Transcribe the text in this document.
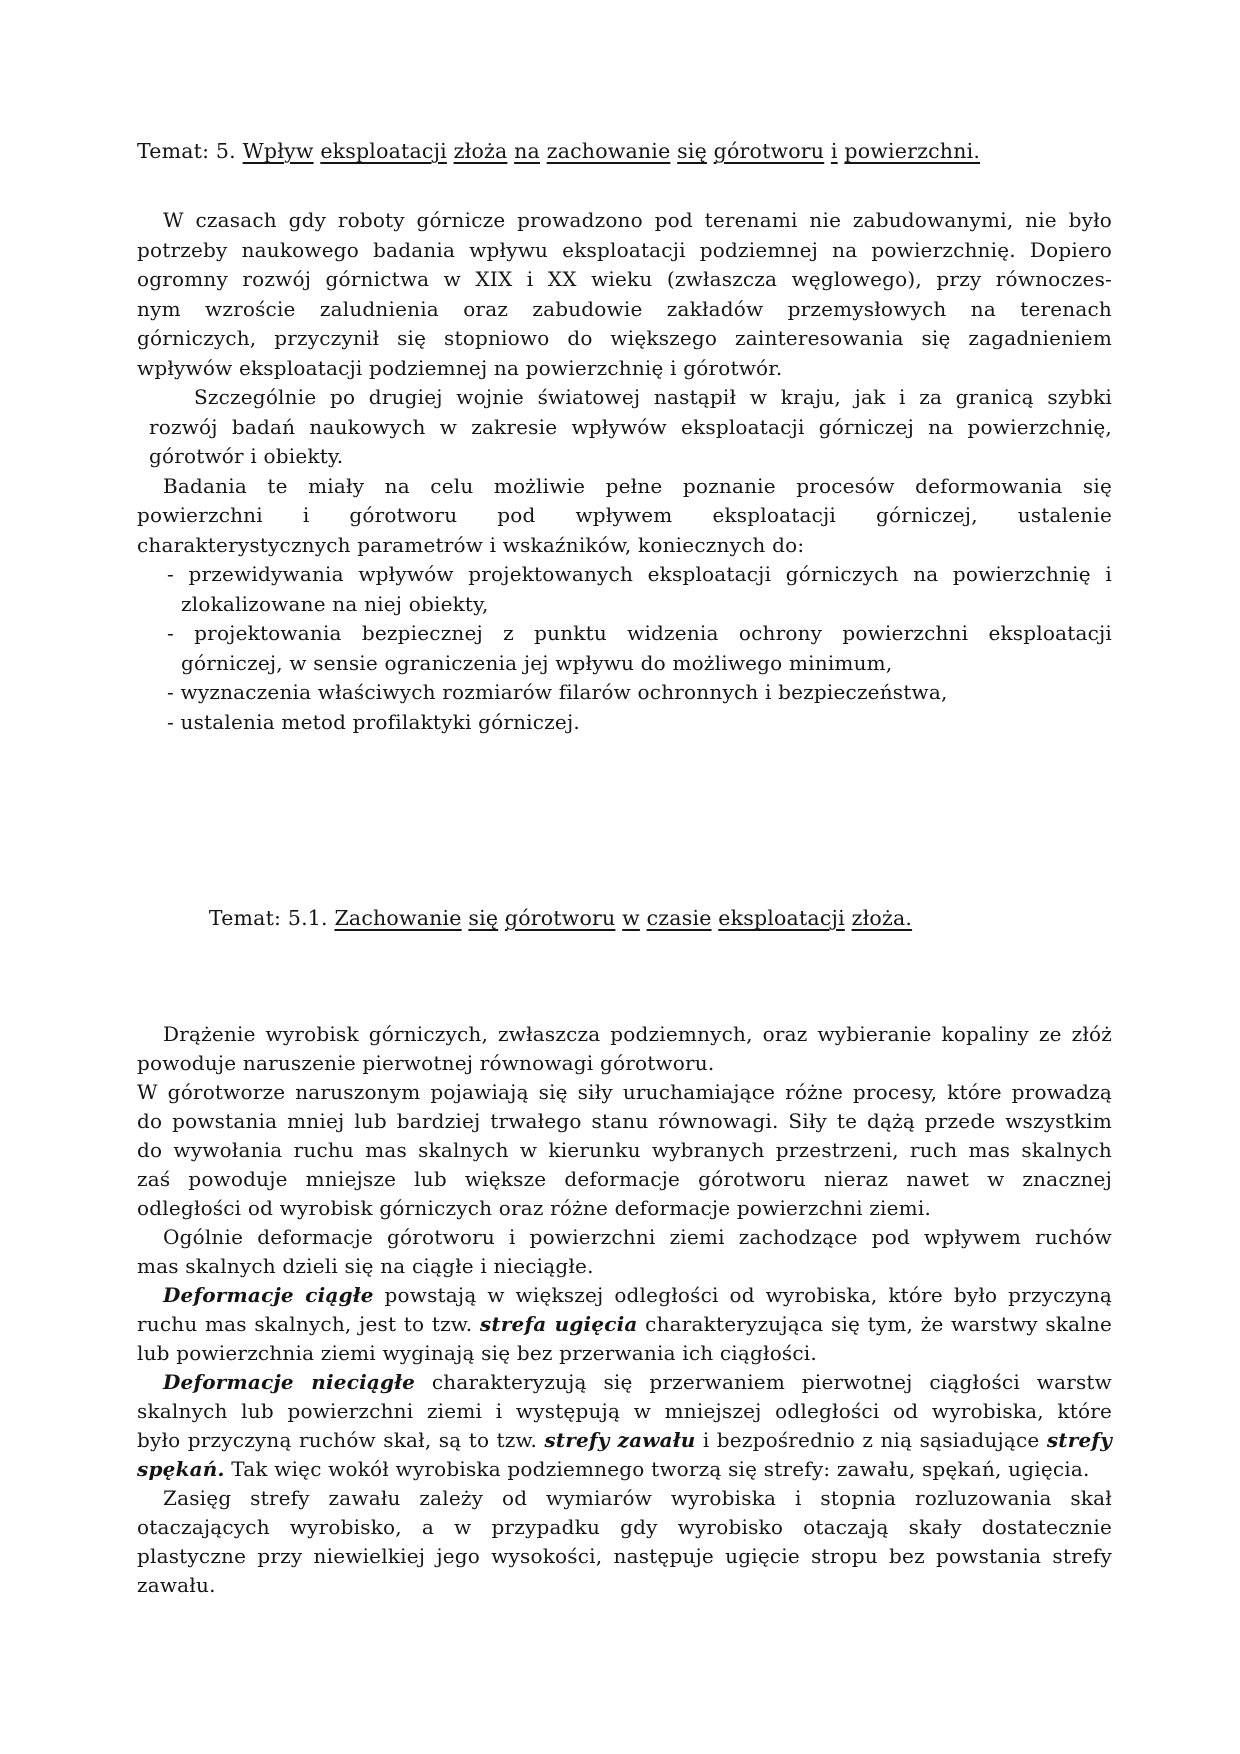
Temat: 5. Wpływ eksploatacji złoża na zachowanie się górotworu i powierzchni.
W czasach gdy roboty górnicze prowadzono pod terenami nie zabudowanymi, nie było
potrzeby naukowego badania wpływu eksploatacji podziemnej na powierzchnię. Dopiero
ogromny rozwój górnictwa w XIX i XX wieku (zwłaszcza węglowego), przy równoczes-
nym wzroście zaludnienia oraz zabudowie zakładów przemysłowych na terenach
górniczych, przyczynił się stopniowo do większego zainteresowania się zagadnieniem
wpływów eksploatacji podziemnej na powierzchnię i górotwór.
Szczególnie po drugiej wojnie światowej nastąpił w kraju, jak i za granicą szybki
rozwój badań naukowych w zakresie wpływów eksploatacji górniczej na powierzchnię,
górotwór i obiekty.
Badania te miały na celu możliwie pełne poznanie procesów deformowania się
powierzchni i górotworu pod wpływem eksploatacji górniczej, ustalenie
charakterystycznych parametrów i wskaźników, koniecznych do:
- przewidywania wpływów projektowanych eksploatacji górniczych na powierzchnię i
zlokalizowane na niej obiekty,
- projektowania bezpiecznej z punktu widzenia ochrony powierzchni eksploatacji
górniczej, w sensie ograniczenia jej wpływu do możliwego minimum,
- wyznaczenia właściwych rozmiarów filarów ochronnych i bezpieczeństwa,
- ustalenia metod profilaktyki górniczej.
Temat: 5.1. Zachowanie się górotworu w czasie eksploatacji złoża.
Drążenie wyrobisk górniczych, zwłaszcza podziemnych, oraz wybieranie kopaliny ze złóż
powoduje naruszenie pierwotnej równowagi górotworu.
W górotworze naruszonym pojawiają się siły uruchamiające różne procesy, które prowadzą
do powstania mniej lub bardziej trwałego stanu równowagi. Siły te dążą przede wszystkim
do wywołania ruchu mas skalnych w kierunku wybranych przestrzeni, ruch mas skalnych
zaś powoduje mniejsze lub większe deformacje górotworu nieraz nawet w znacznej
odległości od wyrobisk górniczych oraz różne deformacje powierzchni ziemi.
Ogólnie deformacje górotworu i powierzchni ziemi zachodzące pod wpływem ruchów
mas skalnych dzieli się na ciągłe i nieciągłe.
Deformacje ciągłe powstają w większej odległości od wyrobiska, które było przyczyną
ruchu mas skalnych, jest to tzw. strefa ugięcia charakteryzująca się tym, że warstwy skalne
lub powierzchnia ziemi wyginają się bez przerwania ich ciągłości.
Deformacje nieciągłe charakteryzują się przerwaniem pierwotnej ciągłości warstw
skalnych lub powierzchni ziemi i występują w mniejszej odległości od wyrobiska, które
było przyczyną ruchów skał, są to tzw. strefy zawału i bezpośrednio z nią sąsiadujące strefy
spękań. Tak więc wokół wyrobiska podziemnego tworzą się strefy: zawału, spękań, ugięcia.
Zasięg strefy zawału zależy od wymiarów wyrobiska i stopnia rozluzowania skał
otaczających wyrobisko, a w przypadku gdy wyrobisko otaczają skały dostatecznie
plastyczne przy niewielkiej jego wysokości, następuje ugięcie stropu bez powstania strefy
zawału.
